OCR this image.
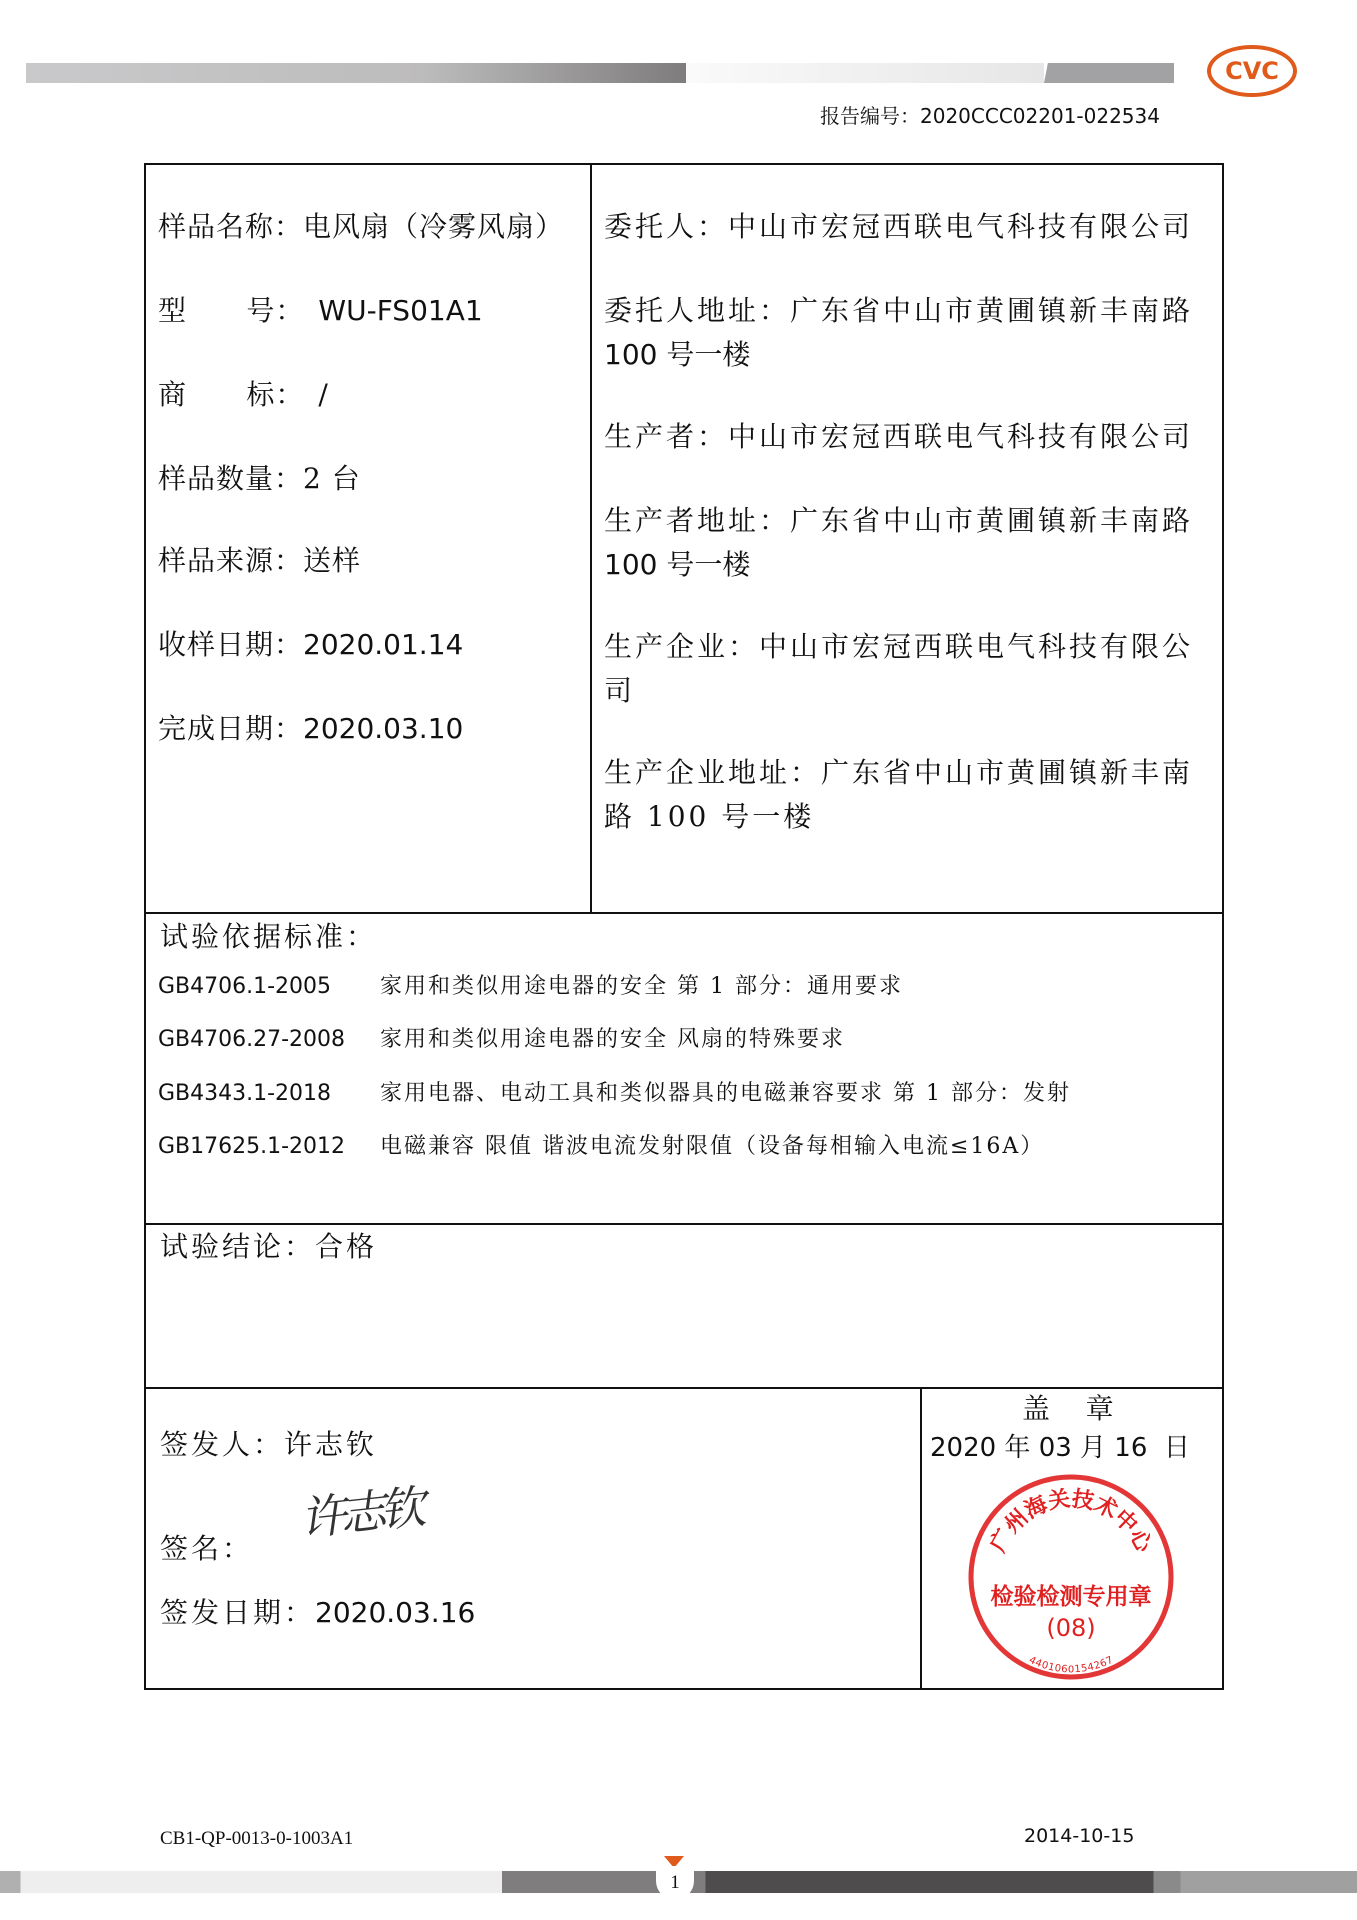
CVC
报告编号：2020CCC02201-022534
样品名称：电风扇（冷雾风扇）
型      号： WU-FS01A1
商      标： /
样品数量：2 台
样品来源：送样
收样日期：2020.01.14
完成日期：2020.03.10
委托人：中山市宏冠西联电气科技有限公司
委托人地址：广东省中山市黄圃镇新丰南路
100 号一楼
生产者：中山市宏冠西联电气科技有限公司
生产者地址：广东省中山市黄圃镇新丰南路
100 号一楼
生产企业：中山市宏冠西联电气科技有限公
司
生产企业地址：广东省中山市黄圃镇新丰南
路 100 号一楼
试验依据标准：
GB4706.1-2005 家用和类似用途电器的安全 第 1 部分：通用要求
GB4706.27-2008 家用和类似用途电器的安全 风扇的特殊要求
GB4343.1-2018 家用电器、电动工具和类似器具的电磁兼容要求 第 1 部分：发射
GB17625.1-2012 电磁兼容 限值 谐波电流发射限值（设备每相输入电流≤16A）
试验结论：合格
签发人：许志钦
签名：
许志钦
签发日期：2020.03.16
盖    章
2020 年 03 月 16  日
广州海关技术中心
检验检测专用章
(08)
4401060154267
CB1-QP-0013-0-1003A1	2014-10-15
1
